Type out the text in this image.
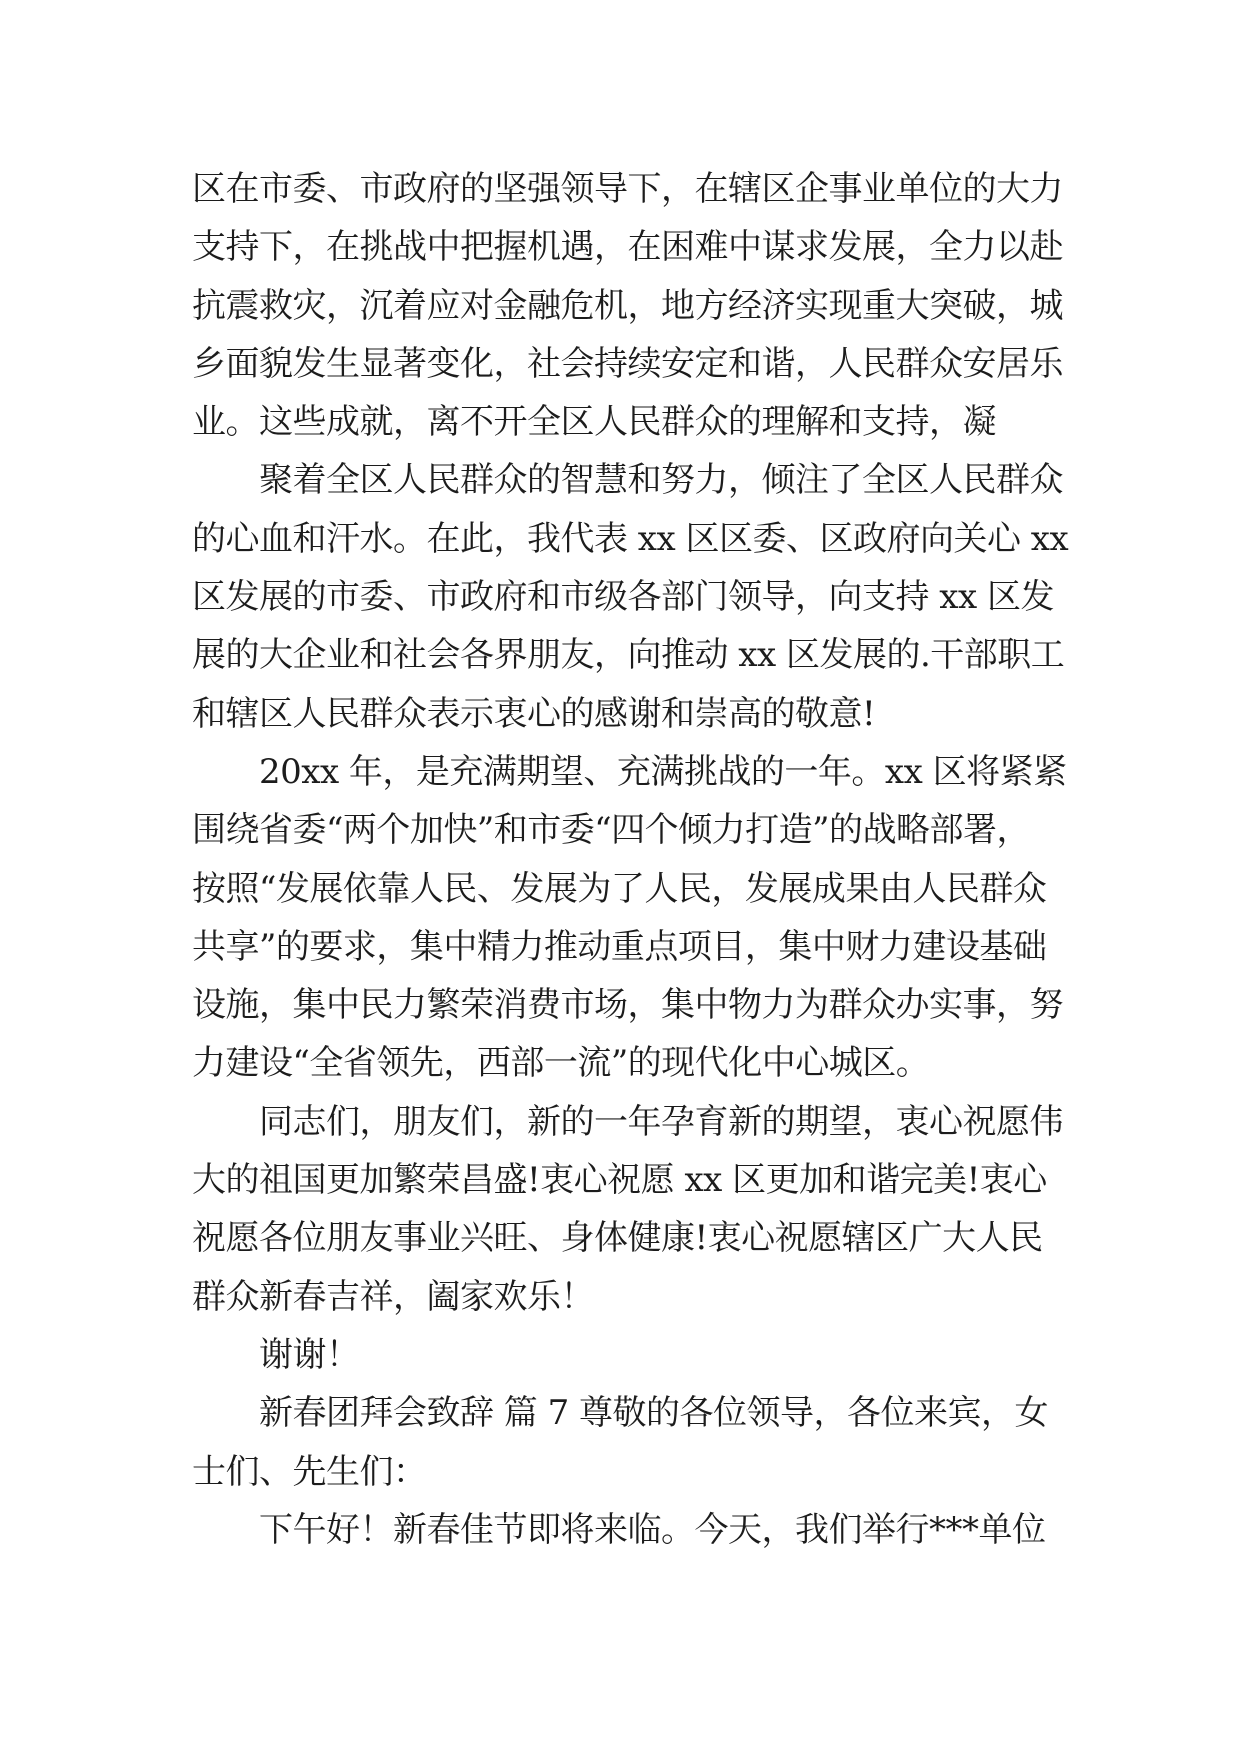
区在市委、市政府的坚强领导下，在辖区企事业单位的大力
支持下，在挑战中把握机遇，在困难中谋求发展，全力以赴
抗震救灾，沉着应对金融危机，地方经济实现重大突破，城
乡面貌发生显著变化，社会持续安定和谐，人民群众安居乐
业。这些成就，离不开全区人民群众的理解和支持，凝
聚着全区人民群众的智慧和努力，倾注了全区人民群众
的心血和汗水。在此，我代表 xx 区区委、区政府向关心 xx
区发展的市委、市政府和市级各部门领导，向支持 xx 区发
展的大企业和社会各界朋友，向推动 xx 区发展的.干部职工
和辖区人民群众表示衷心的感谢和崇高的敬意!
20xx 年，是充满期望、充满挑战的一年。xx 区将紧紧
围绕省委“两个加快”和市委“四个倾力打造”的战略部署，
按照“发展依靠人民、发展为了人民，发展成果由人民群众
共享”的要求，集中精力推动重点项目，集中财力建设基础
设施，集中民力繁荣消费市场，集中物力为群众办实事，努
力建设“全省领先，西部一流”的现代化中心城区。
同志们，朋友们，新的一年孕育新的期望，衷心祝愿伟
大的祖国更加繁荣昌盛!衷心祝愿 xx 区更加和谐完美!衷心
祝愿各位朋友事业兴旺、身体健康!衷心祝愿辖区广大人民
群众新春吉祥，阖家欢乐！
谢谢！
新春团拜会致辞 篇 7 尊敬的各位领导，各位来宾，女
士们、先生们：
下午好！新春佳节即将来临。今天，我们举行***单位
